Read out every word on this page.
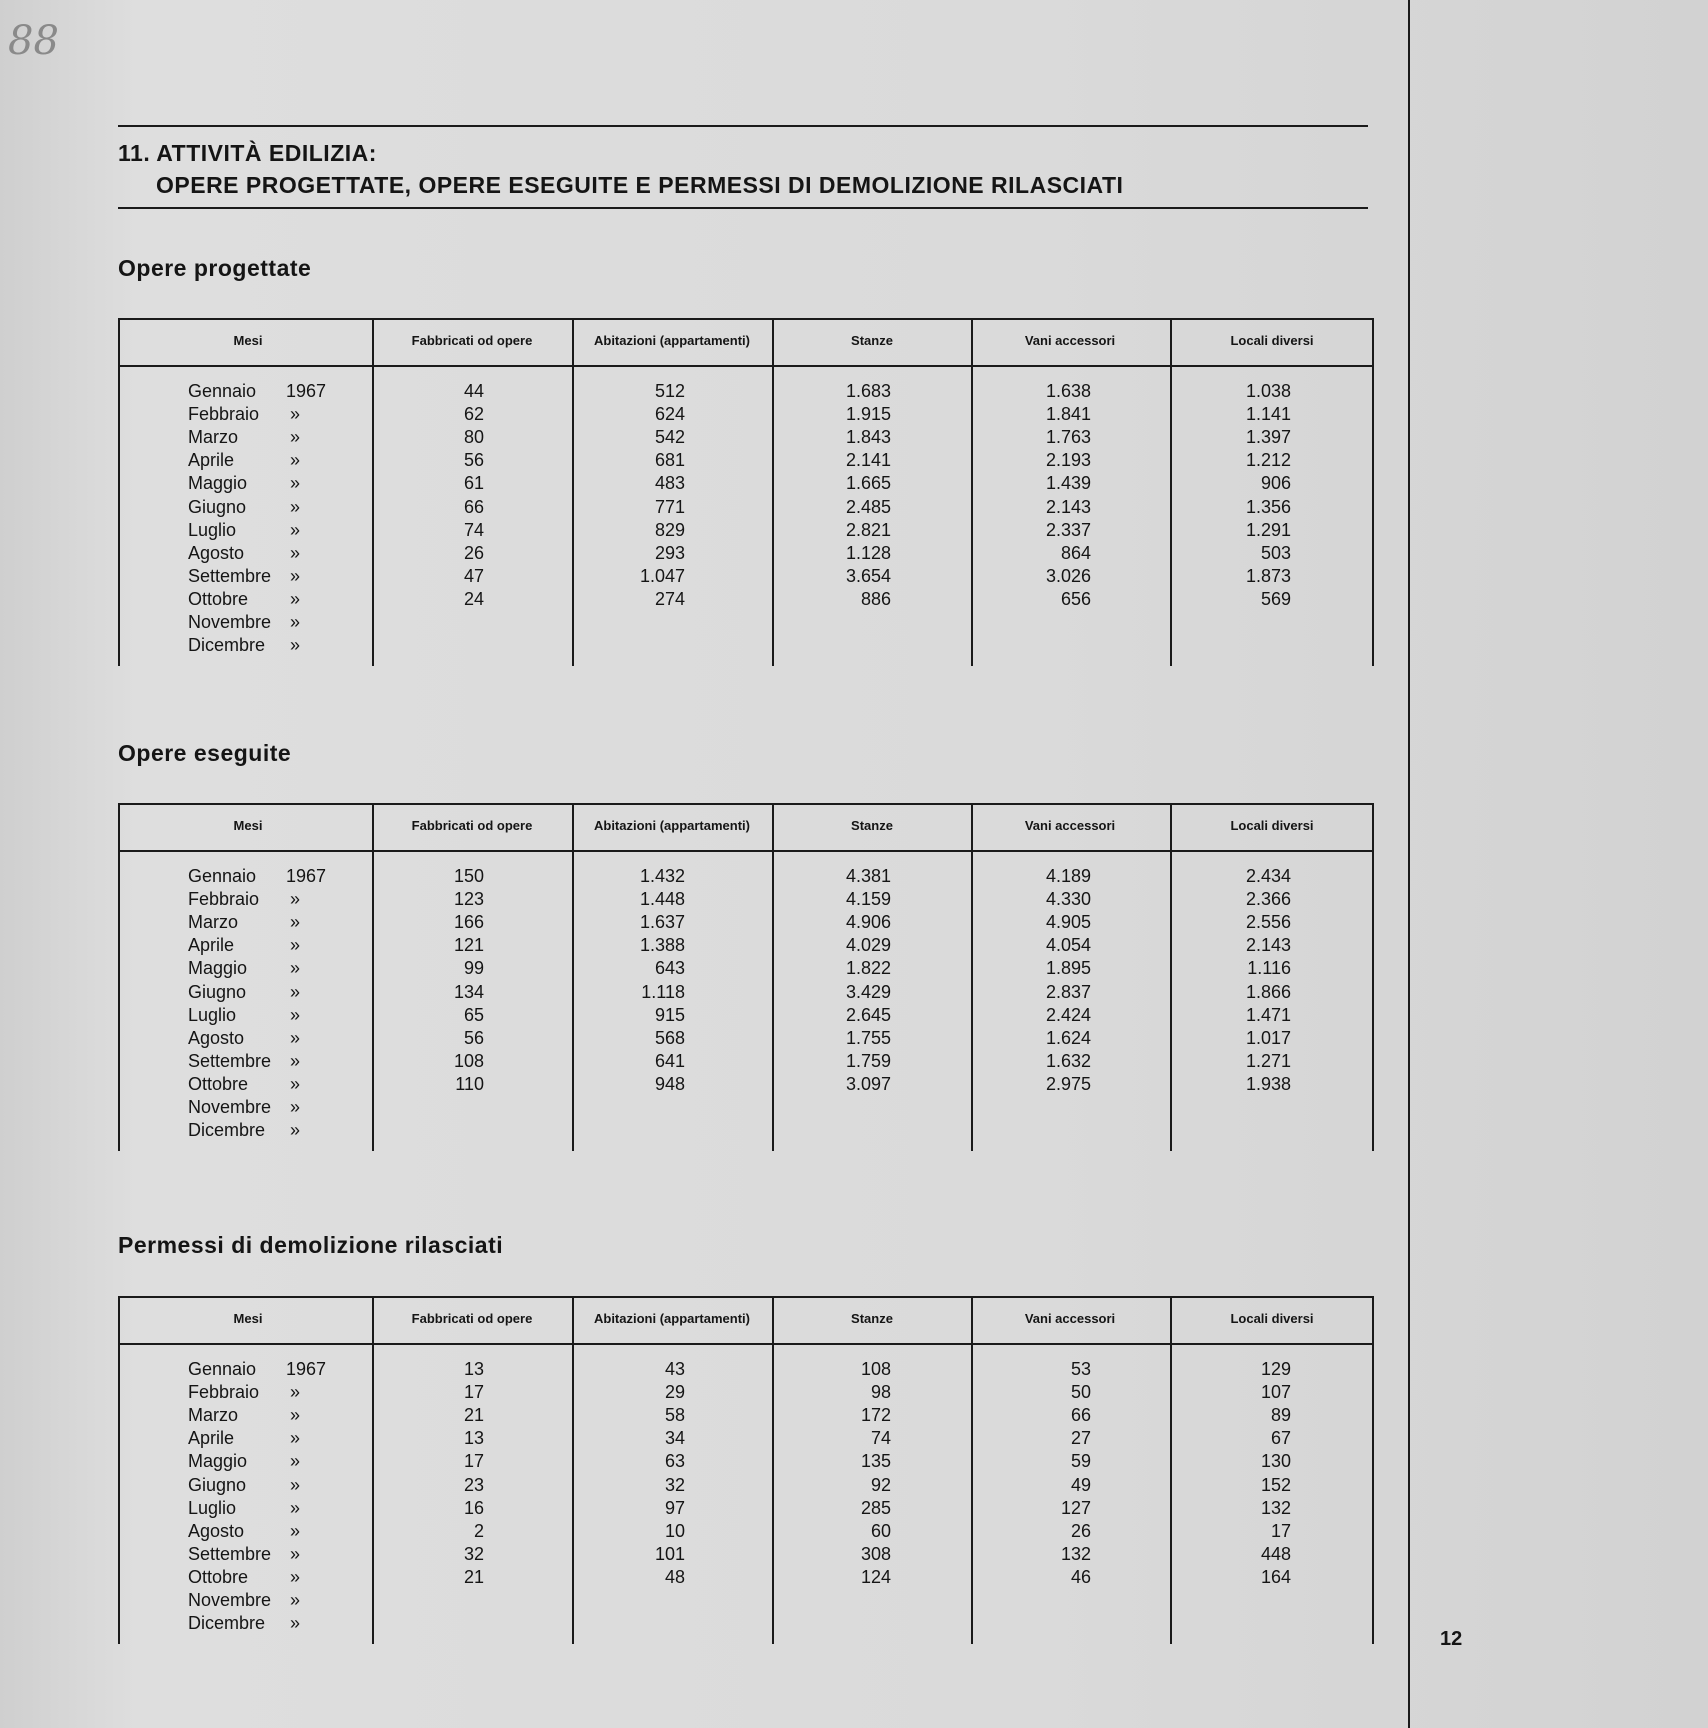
88
11. ATTIVITÀ EDILIZIA:
OPERE PROGETTATE, OPERE ESEGUITE E PERMESSI DI DEMOLIZIONE RILASCIATI
Opere progettate
Mesi	Fabbricati od opere	Abitazioni (appartamenti)	Stanze	Vani accessori	Locali diversi
Gennaio 1967	44	512	1.683	1.638	1.038
Febbraio »	62	624	1.915	1.841	1.141
Marzo	»	80	542	1.843	1.763	1.397
Aprile	»	56	681	2.141	2.193	1.212
Maggio »	61	483	1.665	1.439	906
Giugno »	66	771	2.485	2.143	1.356
Luglio	»	74	829	2.821	2.337	1.291
Agosto	»	26	293	1.128	864	503
Settembre »	47	1.047	3.654	3.026	1.873
Ottobre »	24	274	886	656	569
Novembre »
Dicembre »
Opere eseguite
Mesi	Fabbricati od opere	Abitazioni (appartamenti)	Stanze	Vani accessori	Locali diversi
Gennaio 1967	150	1.432	4.381	4.189	2.434
Febbraio »	123	1.448	4.159	4.330	2.366
Marzo	»	166	1.637	4.906	4.905	2.556
Aprile	»	121	1.388	4.029	4.054	2.143
Maggio »	99	643	1.822	1.895	1.116
Giugno »	134	1.118	3.429	2.837	1.866
Luglio	»	65	915	2.645	2.424	1.471
Agosto	»	56	568	1.755	1.624	1.017
Settembre »	108	641	1.759	1.632	1.271
Ottobre »	110	948	3.097	2.975	1.938
Novembre »
Dicembre »
Permessi di demolizione rilasciati
Mesi	Fabbricati od opere	Abitazioni (appartamenti)	Stanze	Vani accessori	Locali diversi
Gennaio 1967	13	43	108	53	129
Febbraio »	17	29	98	50	107
Marzo	»	21	58	172	66	89
Aprile	»	13	34	74	27	67
Maggio »	17	63	135	59	130
Giugno »	23	32	92	49	152
Luglio	»	16	97	285	127	132
Agosto	»	2	10	60	26	17
Settembre »	32	101	308	132	448
Ottobre »	21	48	124	46	164
Novembre »
Dicembre »
12
